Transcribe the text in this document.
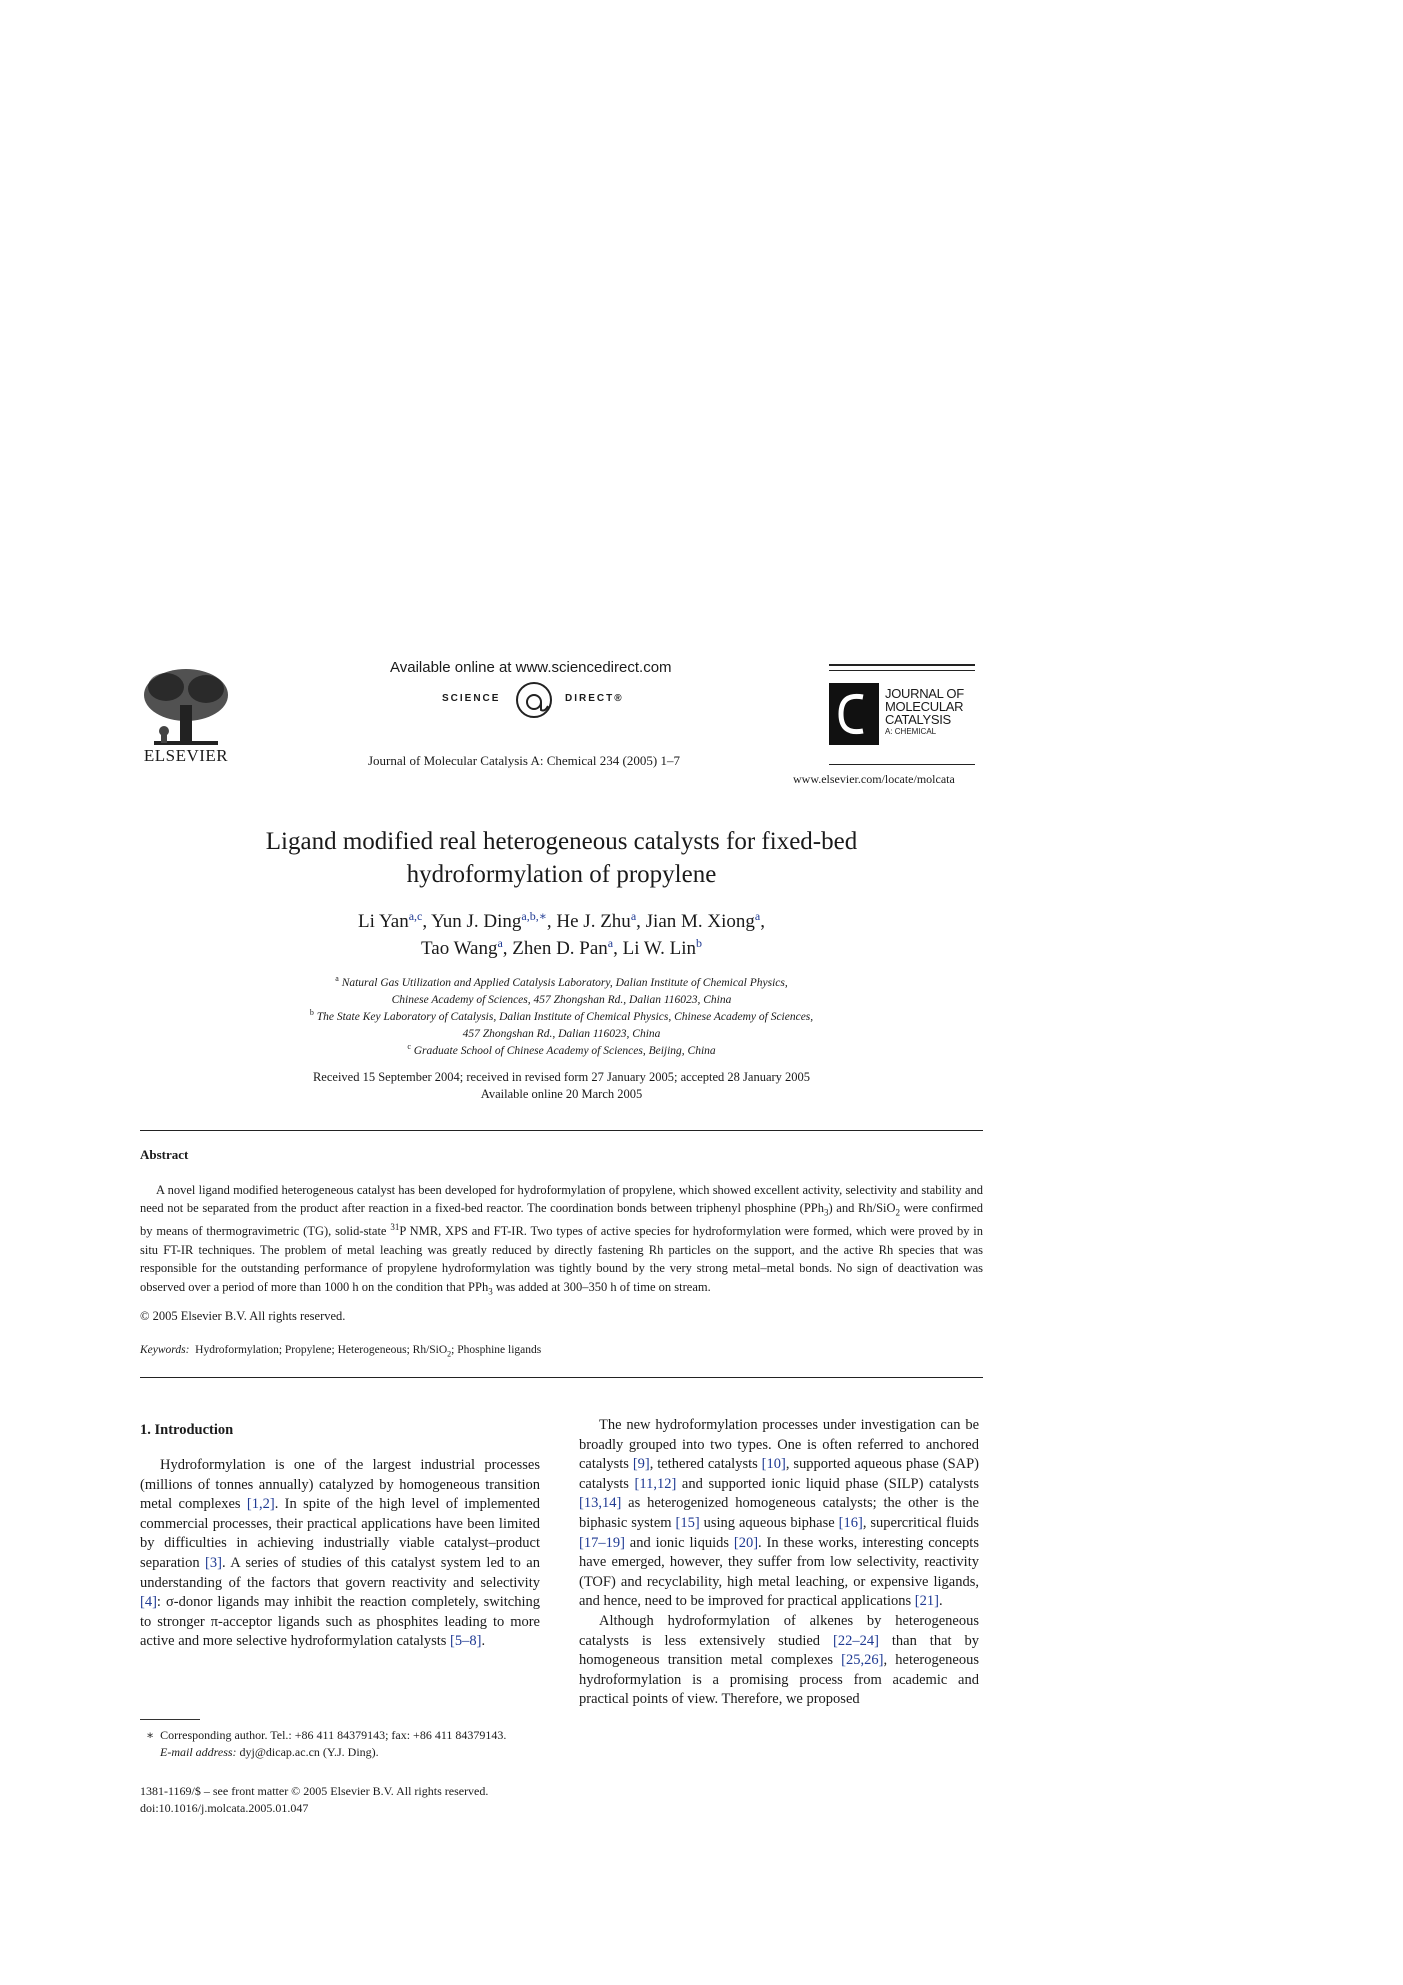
ELSEVIER
Available online at www.sciencedirect.com
SCIENCE	DIRECT®
Journal of Molecular Catalysis A: Chemical 234 (2005) 1–7
JOURNAL OF
MOLECULAR
CATALYSIS
A: CHEMICAL
www.elsevier.com/locate/molcata
Ligand modified real heterogeneous catalysts for fixed-bed
hydroformylation of propylene
Li Yan$^{a,c}$, Yun J. Ding$^{a,b,∗}$, He J. Zhu$^a$, Jian M. Xiong$^a$,
Tao Wang$^a$, Zhen D. Pan$^a$, Li W. Lin$^b$
$^a$ Natural Gas Utilization and Applied Catalysis Laboratory, Dalian Institute of Chemical Physics,
Chinese Academy of Sciences, 457 Zhongshan Rd., Dalian 116023, China
$^b$ The State Key Laboratory of Catalysis, Dalian Institute of Chemical Physics, Chinese Academy of Sciences,
457 Zhongshan Rd., Dalian 116023, China
$^c$ Graduate School of Chinese Academy of Sciences, Beijing, China
Received 15 September 2004; received in revised form 27 January 2005; accepted 28 January 2005
Available online 20 March 2005
Abstract
A novel ligand modified heterogeneous catalyst has been developed for hydroformylation of propylene, which showed excellent activity, selectivity and stability and need not be separated from the product after reaction in a fixed-bed reactor. The coordination bonds between triphenyl phosphine (PPh$_3$) and Rh/SiO$_2$ were confirmed by means of thermogravimetric (TG), solid-state $^{31}$P NMR, XPS and FT-IR. Two types of active species for hydroformylation were formed, which were proved by in situ FT-IR techniques. The problem of metal leaching was greatly reduced by directly fastening Rh particles on the support, and the active Rh species that was responsible for the outstanding performance of propylene hydroformylation was tightly bound by the very strong metal–metal bonds. No sign of deactivation was observed over a period of more than 1000 h on the condition that PPh$_3$ was added at 300–350 h of time on stream.
© 2005 Elsevier B.V. All rights reserved.
Keywords: Hydroformylation; Propylene; Heterogeneous; Rh/SiO$_2$; Phosphine ligands
1. Introduction

Hydroformylation is one of the largest industrial processes (millions of tonnes annually) catalyzed by homogeneous transition metal complexes [1,2]. In spite of the high level of implemented commercial processes, their practical applications have been limited by difficulties in achieving industrially viable catalyst–product separation [3]. A series of studies of this catalyst system led to an understanding of the factors that govern reactivity and selectivity [4]: σ-donor ligands may inhibit the reaction completely, switching to stronger π-acceptor ligands such as phosphites leading to more active and more selective hydroformylation catalysts [5–8].

The new hydroformylation processes under investigation can be broadly grouped into two types. One is often referred to anchored catalysts [9], tethered catalysts [10], supported aqueous phase (SAP) catalysts [11,12] and supported ionic liquid phase (SILP) catalysts [13,14] as heterogenized homogeneous catalysts; the other is the biphasic system [15] using aqueous biphase [16], supercritical fluids [17–19] and ionic liquids [20]. In these works, interesting concepts have emerged, however, they suffer from low selectivity, reactivity (TOF) and recyclability, high metal leaching, or expensive ligands, and hence, need to be improved for practical applications [21].

Although hydroformylation of alkenes by heterogeneous catalysts is less extensively studied [22–24] than that by homogeneous transition metal complexes [25,26], heterogeneous hydroformylation is a promising process from academic and practical points of view. Therefore, we proposed

∗ Corresponding author. Tel.: +86 411 84379143; fax: +86 411 84379143.
E-mail address: dyj@dicap.ac.cn (Y.J. Ding).
1381-1169/$ – see front matter © 2005 Elsevier B.V. All rights reserved.
doi:10.1016/j.molcata.2005.01.047
